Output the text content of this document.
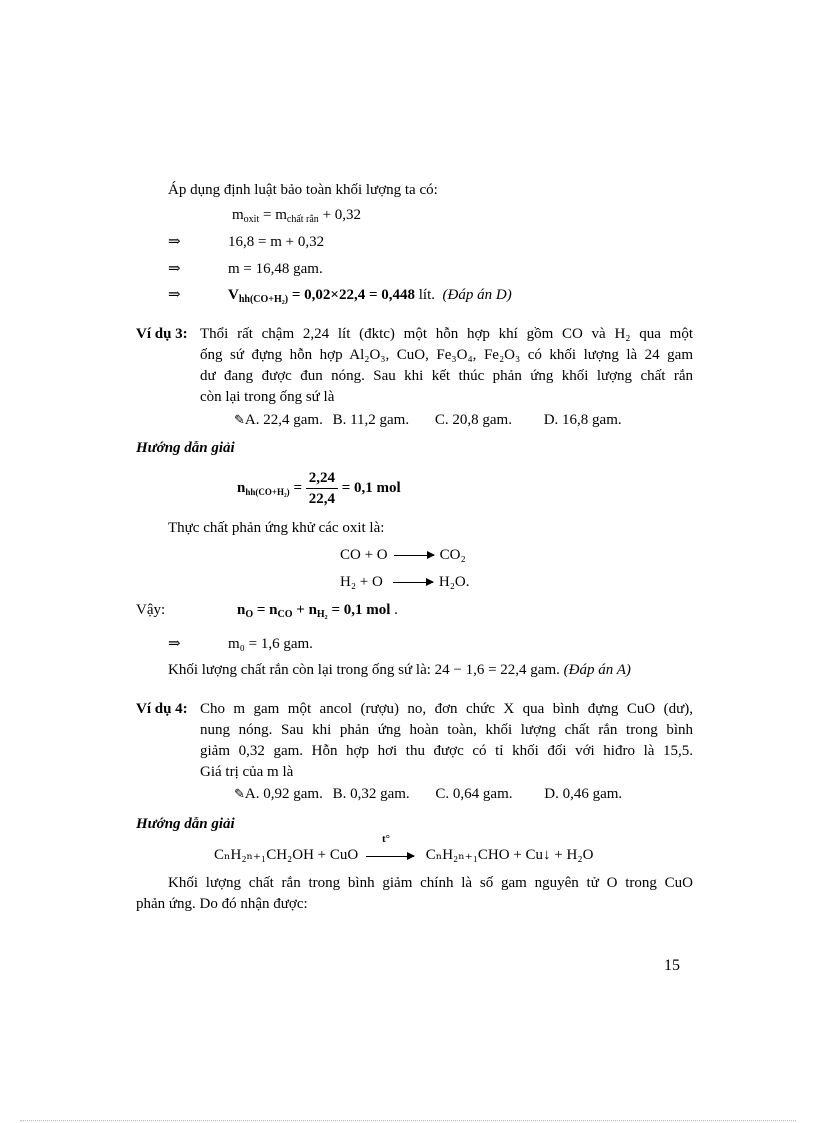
Áp dụng định luật bảo toàn khối lượng ta có:
$m_{oxit} = m_{chất rắn} + 0,32$
⇒	16,8 = m + 0,32
⇒	m = 16,48 gam.
⇒	$V_{hh(CO+H_2)} = 0,02\times 22,4 = 0,448$ lít. (Đáp án D)
Ví dụ 3: Thổi rất chậm 2,24 lít (đktc) một hỗn hợp khí gồm CO và H₂ qua một
ống sứ đựng hỗn hợp Al₂O₃, CuO, Fe₃O₄, Fe₂O₃ có khối lượng là 24 gam
dư đang được đun nóng. Sau khi kết thúc phản ứng khối lượng chất rắn
còn lại trong ống sứ là
✎A. 22,4 gam. B. 11,2 gam. C. 20,8 gam. D. 16,8 gam.
Hướng dẫn giải
$n_{hh(CO+H_2)} = \frac{2,24}{22,4} = 0,1$ mol
Thực chất phản ứng khử các oxit là:
CO + O	CO₂
H₂ + O	H₂O.
Vậy:	$n_O = n_{CO} + n_{H_2} = 0,1$ mol .
⇒	m₀ = 1,6 gam.
Khối lượng chất rắn còn lại trong ống sứ là: 24 − 1,6 = 22,4 gam. (Đáp án A)
Ví dụ 4: Cho m gam một ancol (rượu) no, đơn chức X qua bình đựng CuO (dư),
nung nóng. Sau khi phản ứng hoàn toàn, khối lượng chất rắn trong bình
giảm 0,32 gam. Hỗn hợp hơi thu được có tỉ khối đối với hiđro là 15,5.
Giá trị của m là
✎A. 0,92 gam. B. 0,32 gam. C. 0,64 gam. D. 0,46 gam.
Hướng dẫn giải
CₙH₂ₙ₊₁CH₂OH + CuO
t°
CₙH₂ₙ₊₁CHO + Cu↓ + H₂O
Khối lượng chất rắn trong bình giảm chính là số gam nguyên tử O trong CuO
phản ứng. Do đó nhận được:
15
